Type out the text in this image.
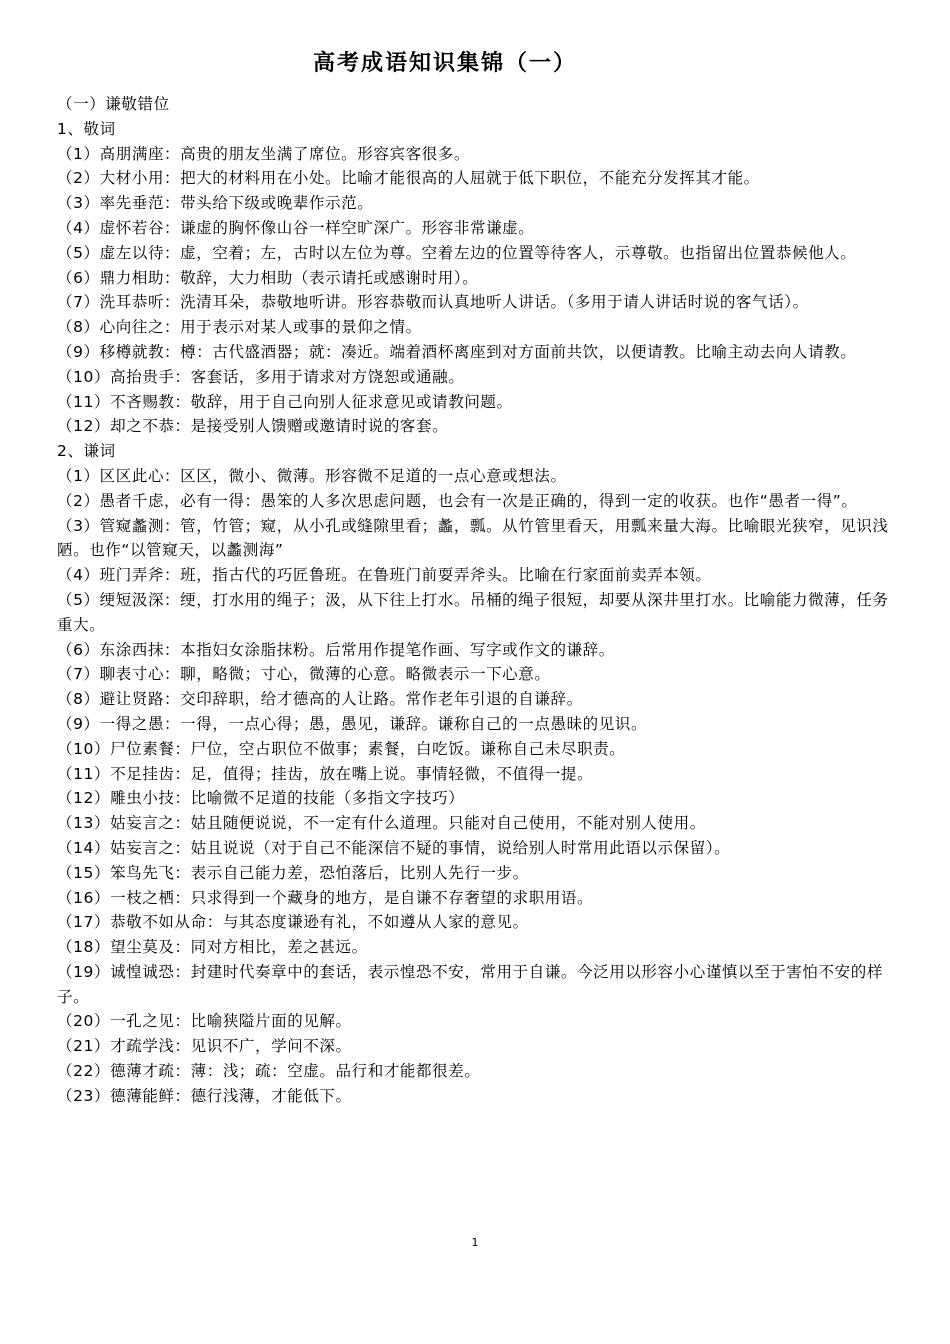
高考成语知识集锦（一）

（一）谦敬错位

1、敬词

（1）高朋满座：高贵的朋友坐满了席位。形容宾客很多。

（2）大材小用：把大的材料用在小处。比喻才能很高的人屈就于低下职位，不能充分发挥其才能。

（3）率先垂范：带头给下级或晚辈作示范。

（4）虚怀若谷：谦虚的胸怀像山谷一样空旷深广。形容非常谦虚。

（5）虚左以待：虚，空着；左，古时以左位为尊。空着左边的位置等待客人，示尊敬。也指留出位置恭候他人。

（6）鼎力相助：敬辞，大力相助（表示请托或感谢时用）。

（7）洗耳恭听：洗清耳朵，恭敬地听讲。形容恭敬而认真地听人讲话。（多用于请人讲话时说的客气话）。

（8）心向往之：用于表示对某人或事的景仰之情。

（9）移樽就教：樽：古代盛酒器；就：凑近。端着酒杯离座到对方面前共饮，以便请教。比喻主动去向人请教。

（10）高抬贵手：客套话，多用于请求对方饶恕或通融。

（11）不吝赐教：敬辞，用于自己向别人征求意见或请教问题。

（12）却之不恭：是接受别人馈赠或邀请时说的客套。

2、谦词

（1）区区此心：区区，微小、微薄。形容微不足道的一点心意或想法。

（2）愚者千虑，必有一得：愚笨的人多次思虑问题，也会有一次是正确的，得到一定的收获。也作“愚者一得”。

（3）管窥蠡测：管，竹管；窥，从小孔或缝隙里看；蠡，瓢。从竹管里看天，用瓢来量大海。比喻眼光狭窄，见识浅陋。也作“以管窥天，以蠡测海”

（4）班门弄斧：班，指古代的巧匠鲁班。在鲁班门前耍弄斧头。比喻在行家面前卖弄本领。

（5）绠短汲深：绠，打水用的绳子；汲，从下往上打水。吊桶的绳子很短，却要从深井里打水。比喻能力微薄，任务重大。

（6）东涂西抹：本指妇女涂脂抹粉。后常用作提笔作画、写字或作文的谦辞。

（7）聊表寸心：聊，略微；寸心，微薄的心意。略微表示一下心意。

（8）避让贤路：交印辞职，给才德高的人让路。常作老年引退的自谦辞。

（9）一得之愚：一得，一点心得；愚，愚见，谦辞。谦称自己的一点愚昧的见识。

（10）尸位素餐：尸位，空占职位不做事；素餐，白吃饭。谦称自己未尽职责。

（11）不足挂齿：足，值得；挂齿，放在嘴上说。事情轻微，不值得一提。

（12）雕虫小技：比喻微不足道的技能（多指文字技巧）

（13）姑妄言之：姑且随便说说，不一定有什么道理。只能对自己使用，不能对别人使用。

（14）姑妄言之：姑且说说（对于自己不能深信不疑的事情，说给别人时常用此语以示保留）。

（15）笨鸟先飞：表示自己能力差，恐怕落后，比别人先行一步。

（16）一枝之栖：只求得到一个藏身的地方，是自谦不存奢望的求职用语。

（17）恭敬不如从命：与其态度谦逊有礼，不如遵从人家的意见。

（18）望尘莫及：同对方相比，差之甚远。

（19）诚惶诚恐：封建时代奏章中的套话，表示惶恐不安，常用于自谦。今泛用以形容小心谨慎以至于害怕不安的样子。

（20）一孔之见：比喻狭隘片面的见解。

（21）才疏学浅：见识不广，学问不深。

（22）德薄才疏：薄：浅；疏：空虚。品行和才能都很差。

（23）德薄能鲜：德行浅薄，才能低下。

1
